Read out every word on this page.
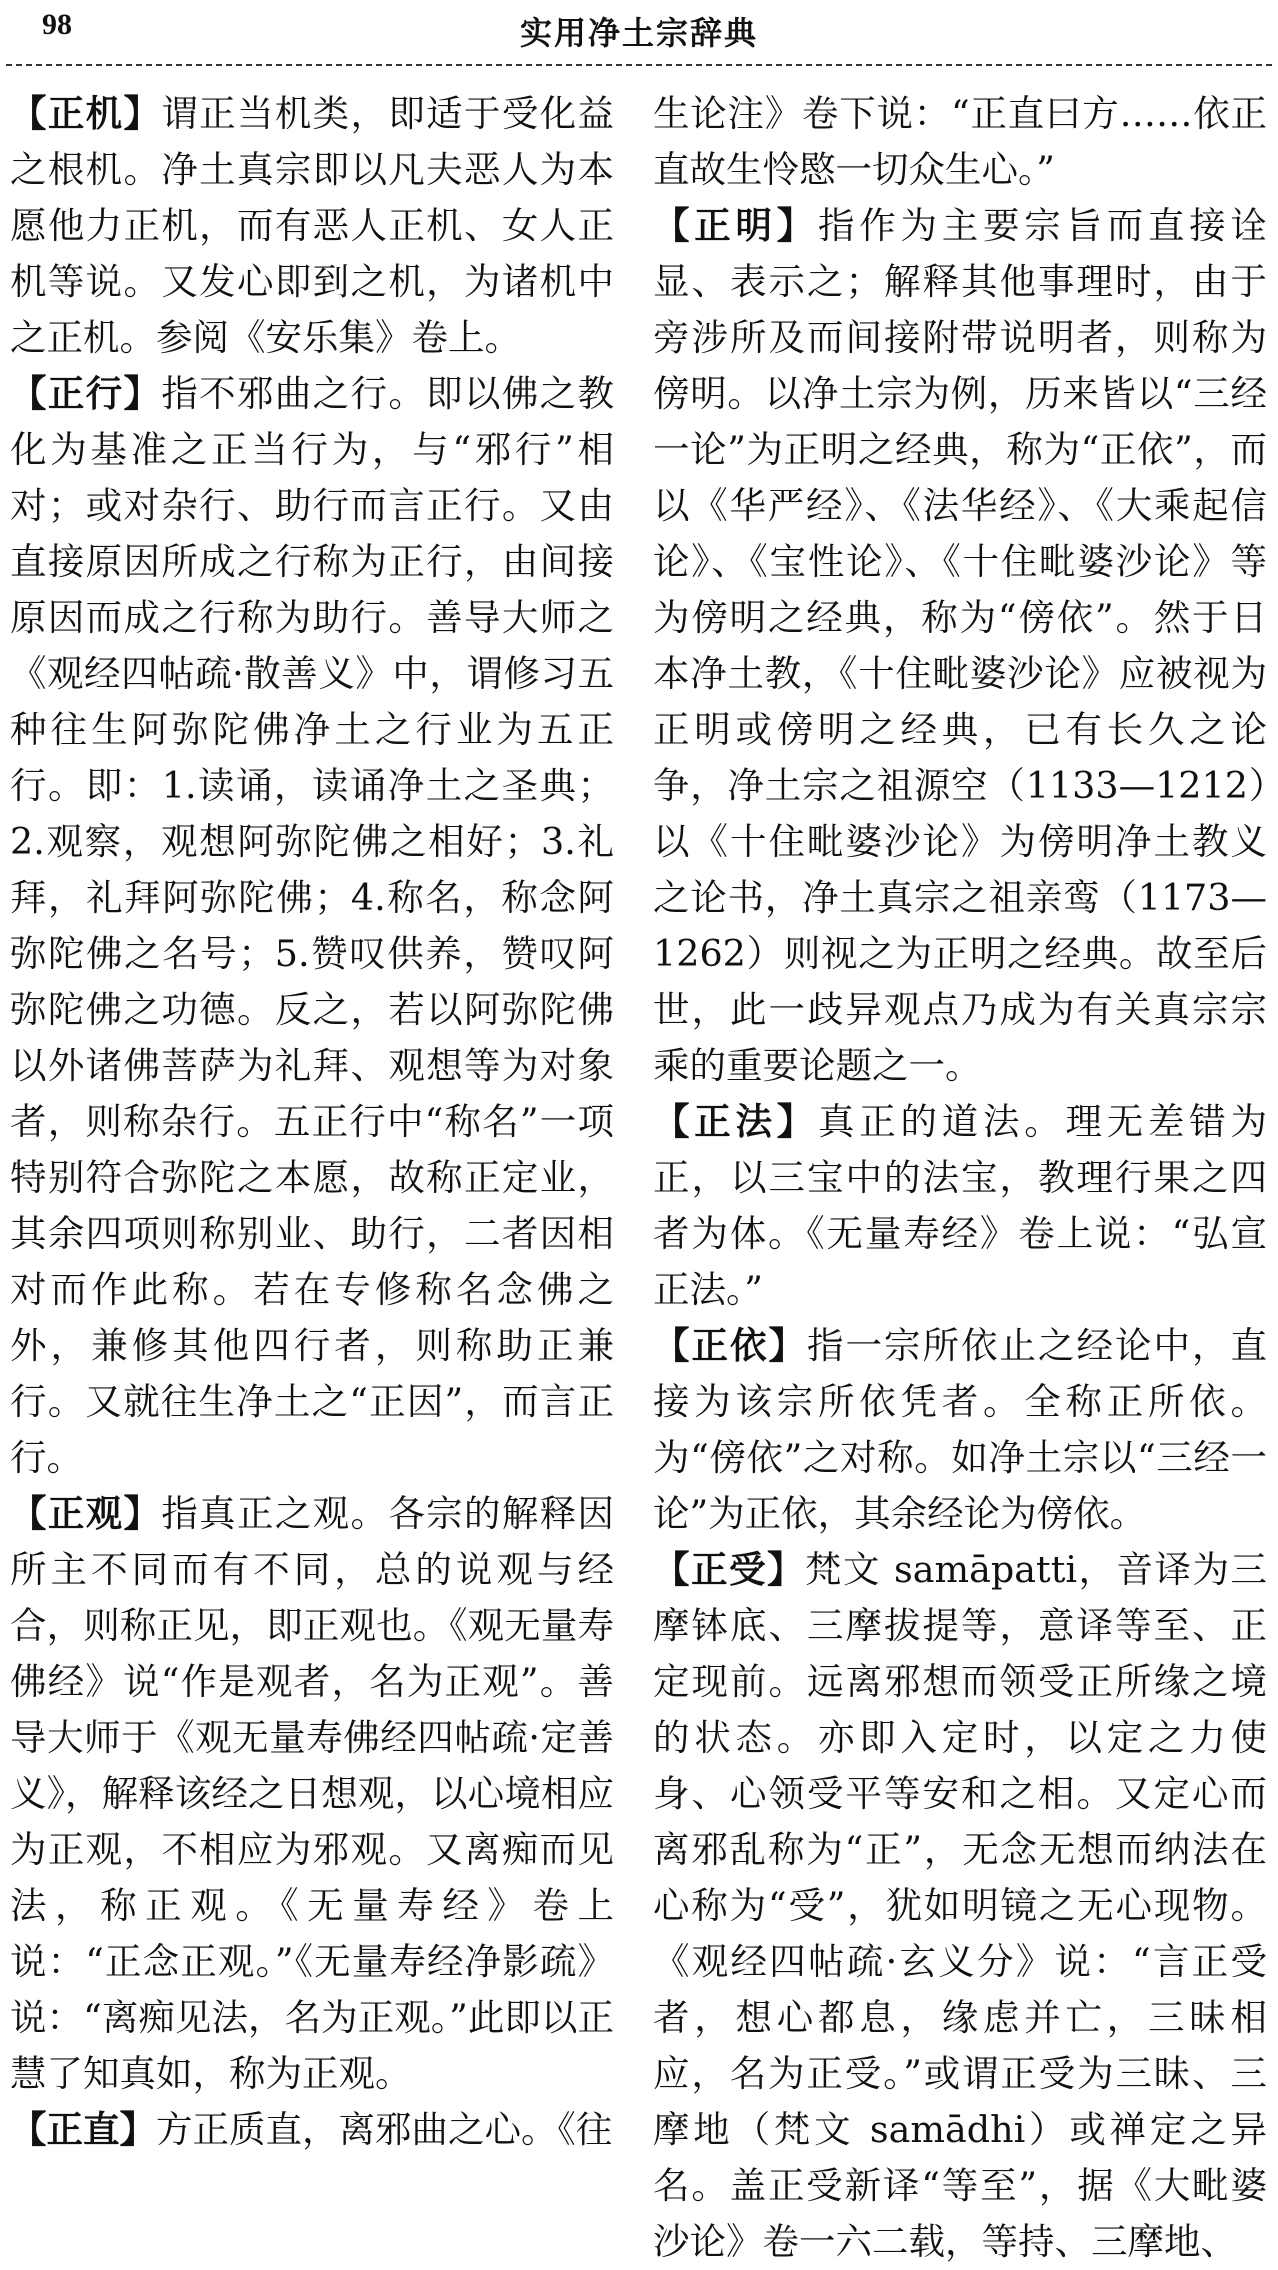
98	实用净土宗辞典

【正机】谓正当机类，即适于受化益之根机。净土真宗即以凡夫恶人为本愿他力正机，而有恶人正机、女人正机等说。又发心即到之机，为诸机中之正机。参阅《安乐集》卷上。

【正行】指不邪曲之行。即以佛之教化为基准之正当行为，与“邪行”相对；或对杂行、助行而言正行。又由直接原因所成之行称为正行，由间接原因而成之行称为助行。善导大师之《观经四帖疏·散善义》中，谓修习五种往生阿弥陀佛净土之行业为五正行。即：1.读诵，读诵净土之圣典；2.观察，观想阿弥陀佛之相好；3.礼拜，礼拜阿弥陀佛；4.称名，称念阿弥陀佛之名号；5.赞叹供养，赞叹阿弥陀佛之功德。反之，若以阿弥陀佛以外诸佛菩萨为礼拜、观想等为对象者，则称杂行。五正行中“称名”一项特别符合弥陀之本愿，故称正定业，其余四项则称别业、助行，二者因相对而作此称。若在专修称名念佛之外，兼修其他四行者，则称助正兼行。又就往生净土之“正因”，而言正行。

【正观】指真正之观。各宗的解释因所主不同而有不同，总的说观与经合，则称正见，即正观也。《观无量寿佛经》说“作是观者，名为正观”。善导大师于《观无量寿佛经四帖疏·定善义》，解释该经之日想观，以心境相应为正观，不相应为邪观。又离痴而见法，称正观。《无量寿经》卷上说：“正念正观。”《无量寿经净影疏》说：“离痴见法，名为正观。”此即以正慧了知真如，称为正观。

【正直】方正质直，离邪曲之心。《往

生论注》卷下说：“正直曰方……依正直故生怜愍一切众生心。”

【正明】指作为主要宗旨而直接诠显、表示之；解释其他事理时，由于旁涉所及而间接附带说明者，则称为傍明。以净土宗为例，历来皆以“三经一论”为正明之经典，称为“正依”，而以《华严经》、《法华经》、《大乘起信论》、《宝性论》、《十住毗婆沙论》等为傍明之经典，称为“傍依”。然于日本净土教，《十住毗婆沙论》应被视为正明或傍明之经典，已有长久之论争，净土宗之祖源空（1133—1212）以《十住毗婆沙论》为傍明净土教义之论书，净土真宗之祖亲鸾（1173—1262）则视之为正明之经典。故至后世，此一歧异观点乃成为有关真宗宗乘的重要论题之一。

【正法】真正的道法。理无差错为正，以三宝中的法宝，教理行果之四者为体。《无量寿经》卷上说：“弘宣正法。”

【正依】指一宗所依止之经论中，直接为该宗所依凭者。全称正所依。为“傍依”之对称。如净土宗以“三经一论”为正依，其余经论为傍依。

【正受】梵文 samāpatti，音译为三摩钵底、三摩拔提等，意译等至、正定现前。远离邪想而领受正所缘之境的状态。亦即入定时，以定之力使身、心领受平等安和之相。又定心而离邪乱称为“正”，无念无想而纳法在心称为“受”，犹如明镜之无心现物。《观经四帖疏·玄义分》说：“言正受者，想心都息，缘虑并亡，三昧相应，名为正受。”或谓正受为三昧、三摩地（梵文 samādhi）或禅定之异名。盖正受新译“等至”，据《大毗婆沙论》卷一六二载，等持、三摩地、
